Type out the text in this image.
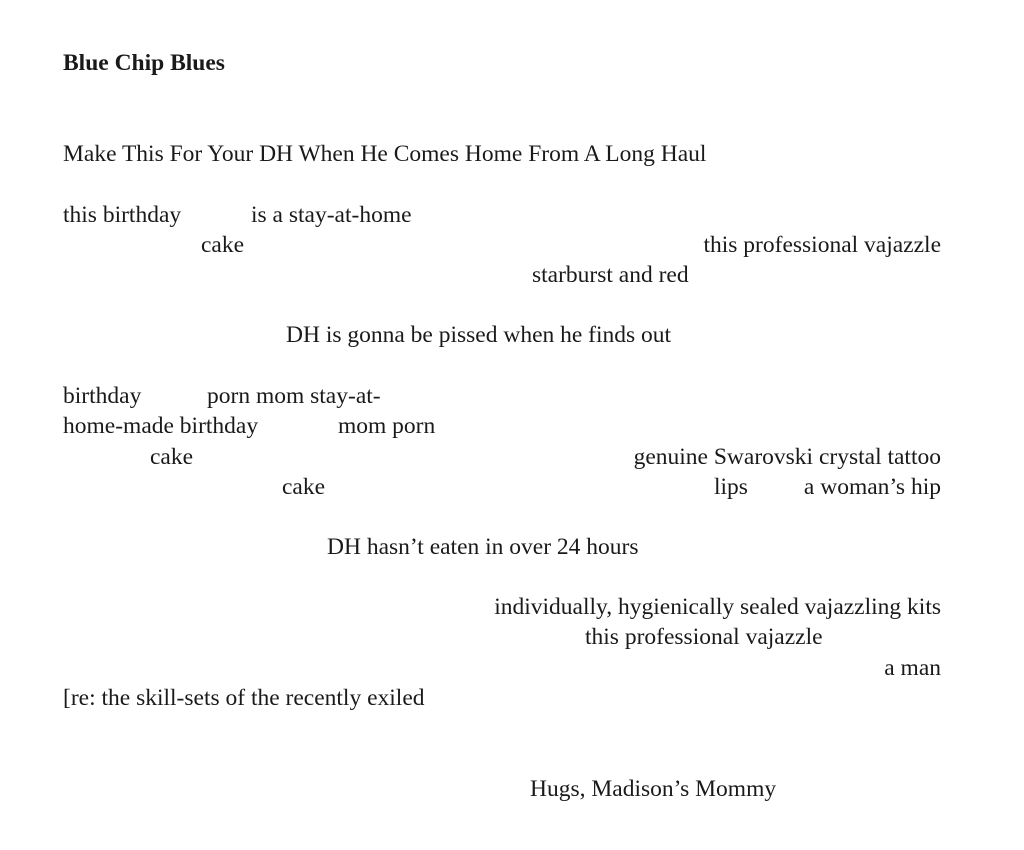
Blue Chip Blues
Make This For Your DH When He Comes Home From A Long Haul
this birthday	is a stay-at-home
cake	this professional vajazzle
starburst and red
DH is gonna be pissed when he finds out
birthday	porn mom stay-at-
home-made birthday	mom porn
cake	genuine Swarovski crystal tattoo
cake	lips a woman’s hip
DH hasn’t eaten in over 24 hours
individually, hygienically sealed vajazzling kits
this professional vajazzle
a man
[re: the skill-sets of the recently exiled
Hugs, Madison’s Mommy
